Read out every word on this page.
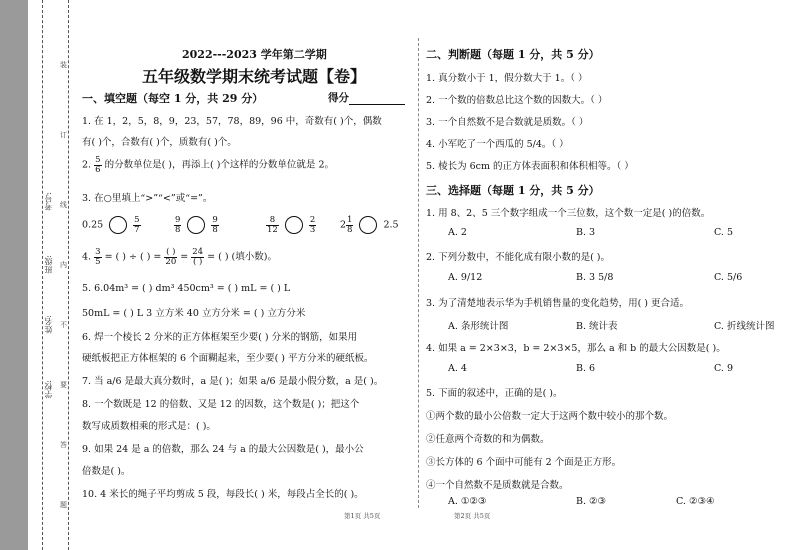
学校:
班级:
姓名:
考号:
装
订
线
内
不
要
答
题
2022---2023 学年第二学期
五年级数学期末统考试题【卷】
一、填空题（每空 1 分，共 29 分）	得分
1. 在 1，2，5，8，9，23，57，78，89，96 中，奇数有( )个，偶数
有( )个，合数有( )个，质数有( )个。
2. $\frac{5}{6}$ 的分数单位是( )，再添上( )个这样的分数单位就是 2。
3. 在○里填上“>”“<”或“=”。
0.25	$\frac{5}{7}$	$\frac{9}{8}$	$\frac{9}{8}$	$\frac{8}{12}$	$\frac{2}{3}$	$2 \frac{1}{8}$	2.5
4. $\frac{3}{5}$ = ( ) ÷ ( ) = $\frac{( )}{20} = \frac{24}{( )}$ = ( ) (填小数)。
5. 6.04m³ = ( ) dm³ 450cm³ = ( ) mL = ( ) L
50mL = ( ) L 3 立方米 40 立方分米 = ( ) 立方分米
6. 焊一个棱长 2 分米的正方体框架至少要( ) 分米的钢筋，如果用
硬纸板把正方体框架的 6 个面糊起来，至少要( ) 平方分米的硬纸板。
7. 当 a/6 是最大真分数时，a 是( )；如果 a/6 是最小假分数，a 是( )。
8. 一个数既是 12 的倍数、又是 12 的因数，这个数是( )；把这个
数写成质数相乘的形式是：( )。
9. 如果 24 是 a 的倍数，那么 24 与 a 的最大公因数是( )，最小公
倍数是( )。
10. 4 米长的绳子平均剪成 5 段，每段长( ) 米，每段占全长的( )。
第1页 共5页
二、判断题（每题 1 分，共 5 分）
1. 真分数小于 1，假分数大于 1。（ ）
2. 一个数的倍数总比这个数的因数大。（ ）
3. 一个自然数不是合数就是质数。（ ）
4. 小军吃了一个西瓜的 5/4。（ ）
5. 棱长为 6cm 的正方体表面积和体积相等。（ ）
三、选择题（每题 1 分，共 5 分）
1. 用 8、2、5 三个数字组成一个三位数，这个数一定是( )的倍数。
A. 2	B. 3	C. 5
2. 下列分数中，不能化成有限小数的是( )。
A. 9/12	B. 3 5/8	C. 5/6
3. 为了清楚地表示华为手机销售量的变化趋势，用( ) 更合适。
A. 条形统计图	B. 统计表	C. 折线统计图
4. 如果 a = 2×3×3，b = 2×3×5，那么 a 和 b 的最大公因数是( )。
A. 4	B. 6	C. 9
5. 下面的叙述中，正确的是( )。
①两个数的最小公倍数一定大于这两个数中较小的那个数。
②任意两个奇数的和为偶数。
③长方体的 6 个面中可能有 2 个面是正方形。
④一个自然数不是质数就是合数。
A. ①②③	B. ②③	C. ②③④
第2页 共5页
